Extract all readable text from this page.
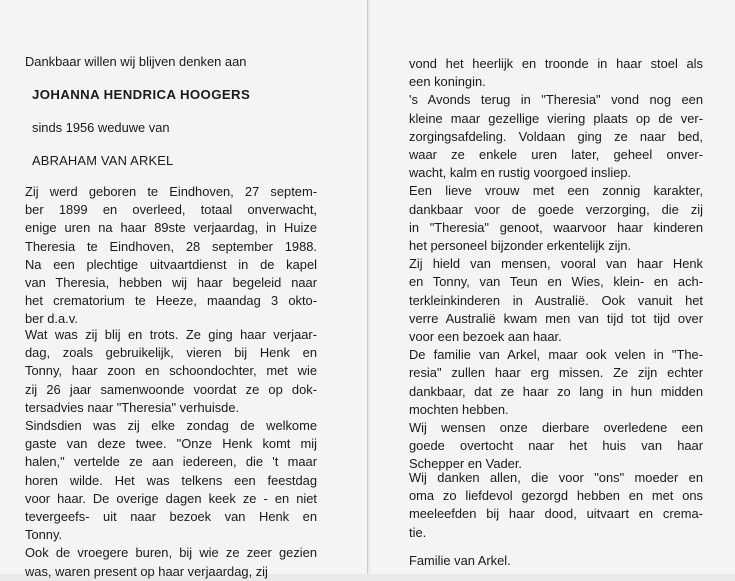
Dankbaar willen wij blijven denken aan
JOHANNA HENDRICA HOOGERS
sinds 1956 weduwe van
ABRAHAM VAN ARKEL
Zij werd geboren te Eindhoven, 27 septem-
ber 1899 en overleed, totaal onverwacht,
enige uren na haar 89ste verjaardag, in Huize
Theresia te Eindhoven, 28 september 1988.
Na een plechtige uitvaartdienst in de kapel
van Theresia, hebben wij haar begeleid naar
het crematorium te Heeze, maandag 3 okto-
ber d.a.v.
Wat was zij blij en trots. Ze ging haar verjaar-
dag, zoals gebruikelijk, vieren bij Henk en
Tonny, haar zoon en schoondochter, met wie
zij 26 jaar samenwoonde voordat ze op dok-
tersadvies naar "Theresia" verhuisde.
Sindsdien was zij elke zondag de welkome
gaste van deze twee. "Onze Henk komt mij
halen," vertelde ze aan iedereen, die 't maar
horen wilde. Het was telkens een feestdag
voor haar. De overige dagen keek ze - en niet
tevergeefs- uit naar bezoek van Henk en
Tonny.
Ook de vroegere buren, bij wie ze zeer gezien
was, waren present op haar verjaardag, zij
vond het heerlijk en troonde in haar stoel als
een koningin.
's Avonds terug in "Theresia" vond nog een
kleine maar gezellige viering plaats op de ver-
zorgingsafdeling. Voldaan ging ze naar bed,
waar ze enkele uren later, geheel onver-
wacht, kalm en rustig voorgoed insliep.
Een lieve vrouw met een zonnig karakter,
dankbaar voor de goede verzorging, die zij
in "Theresia" genoot, waarvoor haar kinderen
het personeel bijzonder erkentelijk zijn.
Zij hield van mensen, vooral van haar Henk
en Tonny, van Teun en Wies, klein- en ach-
terkleinkinderen in Australië. Ook vanuit het
verre Australië kwam men van tijd tot tijd over
voor een bezoek aan haar.
De familie van Arkel, maar ook velen in "The-
resia" zullen haar erg missen. Ze zijn echter
dankbaar, dat ze haar zo lang in hun midden
mochten hebben.
Wij wensen onze dierbare overledene een
goede overtocht naar het huis van haar
Schepper en Vader.
Wij danken allen, die voor "ons" moeder en
oma zo liefdevol gezorgd hebben en met ons
meeleefden bij haar dood, uitvaart en crema-
tie.
Familie van Arkel.
